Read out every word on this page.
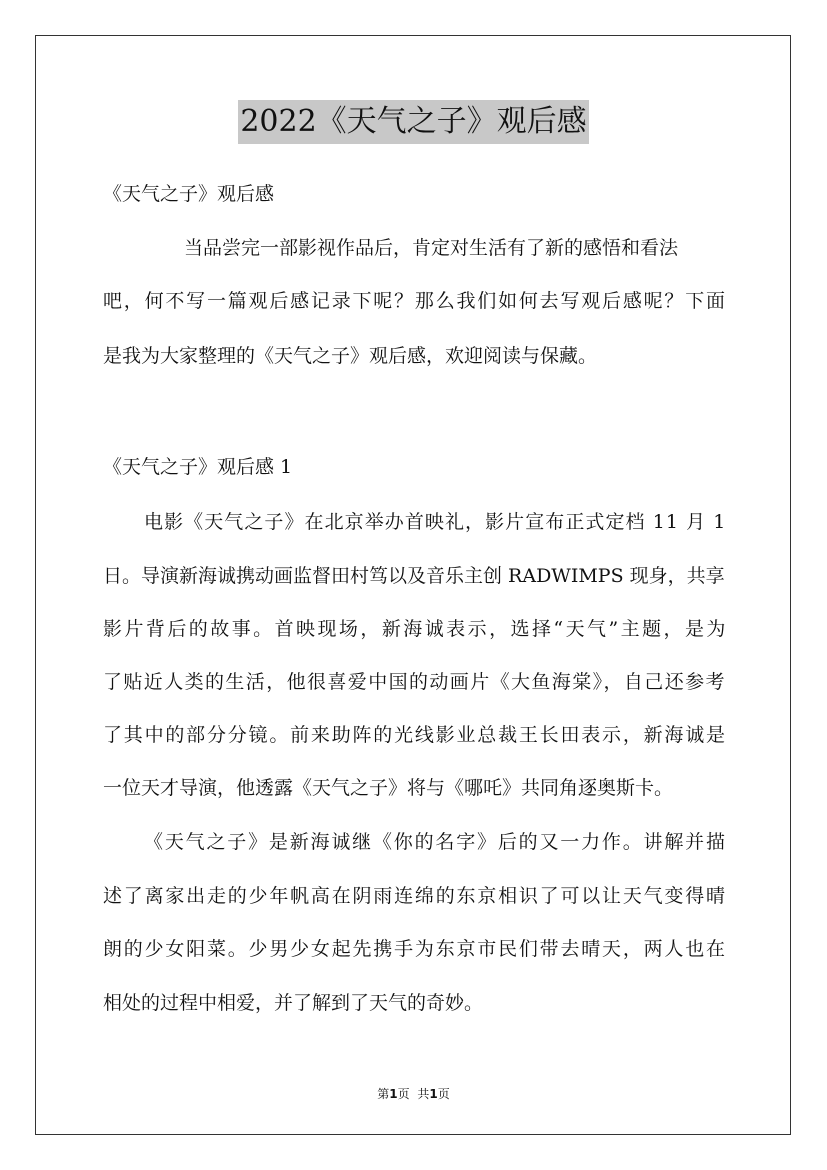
2022《天气之子》观后感
《天气之子》观后感
当品尝完一部影视作品后，肯定对生活有了新的感悟和看法
吧，何不写一篇观后感记录下呢？那么我们如何去写观后感呢？下面
是我为大家整理的《天气之子》观后感，欢迎阅读与保藏。
《天气之子》观后感 1
电影《天气之子》在北京举办首映礼，影片宣布正式定档 11 月 1
日。导演新海诚携动画监督田村笃以及音乐主创 RADWIMPS 现身，共享
影片背后的故事。首映现场，新海诚表示，选择“天气”主题，是为
了贴近人类的生活，他很喜爱中国的动画片《大鱼海棠》，自己还参考
了其中的部分分镜。前来助阵的光线影业总裁王长田表示，新海诚是
一位天才导演，他透露《天气之子》将与《哪吒》共同角逐奥斯卡。
《天气之子》是新海诚继《你的名字》后的又一力作。讲解并描
述了离家出走的少年帆高在阴雨连绵的东京相识了可以让天气变得晴
朗的少女阳菜。少男少女起先携手为东京市民们带去晴天，两人也在
相处的过程中相爱，并了解到了天气的奇妙。
第1页 共1页
